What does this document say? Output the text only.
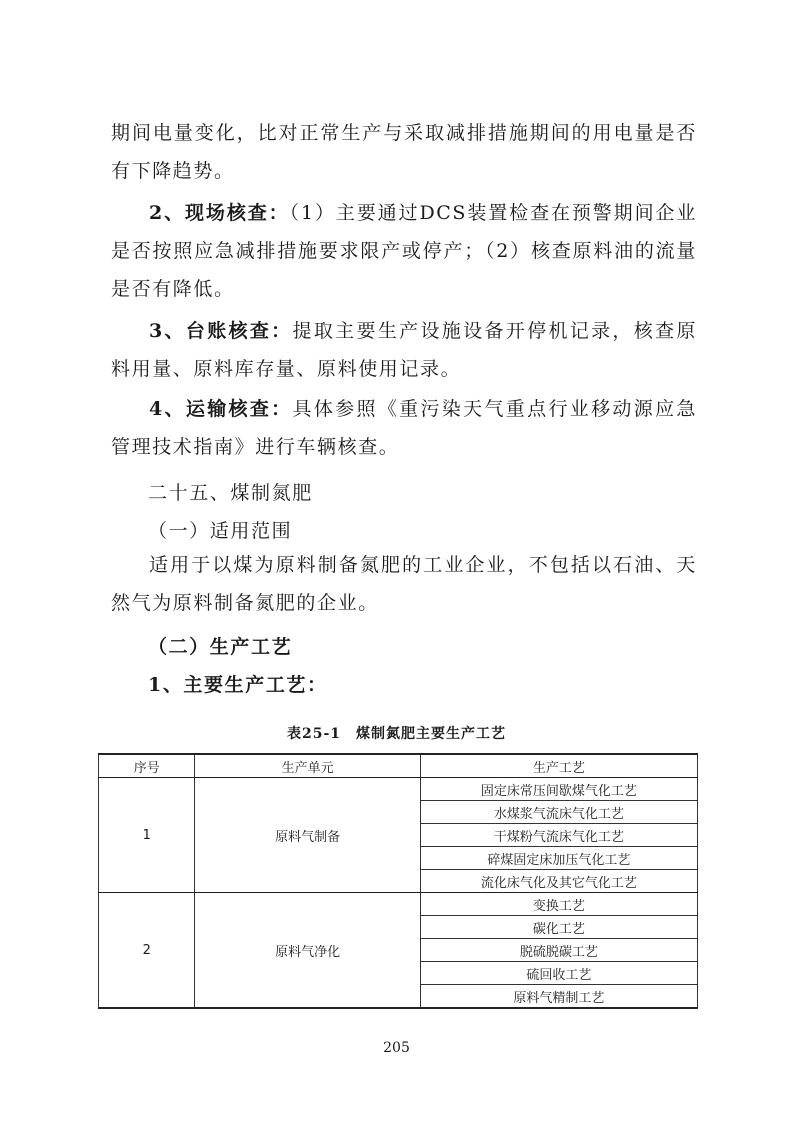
期间电量变化，比对正常生产与采取减排措施期间的用电量是否有下降趋势。
2、现场核查：（1）主要通过DCS装置检查在预警期间企业是否按照应急减排措施要求限产或停产；（2）核查原料油的流量是否有降低。
3、台账核查：提取主要生产设施设备开停机记录，核查原料用量、原料库存量、原料使用记录。
4、运输核查：具体参照《重污染天气重点行业移动源应急管理技术指南》进行车辆核查。
二十五、煤制氮肥
（一）适用范围
适用于以煤为原料制备氮肥的工业企业，不包括以石油、天然气为原料制备氮肥的企业。
（二）生产工艺
1、主要生产工艺：
表25-1　煤制氮肥主要生产工艺
序号	生产单元	生产工艺
1	原料气制备	固定床常压间歇煤气化工艺
		水煤浆气流床气化工艺
		干煤粉气流床气化工艺
		碎煤固定床加压气化工艺
		流化床气化及其它气化工艺
2	原料气净化	变换工艺
		碳化工艺
		脱硫脱碳工艺
		硫回收工艺
		原料气精制工艺
205
